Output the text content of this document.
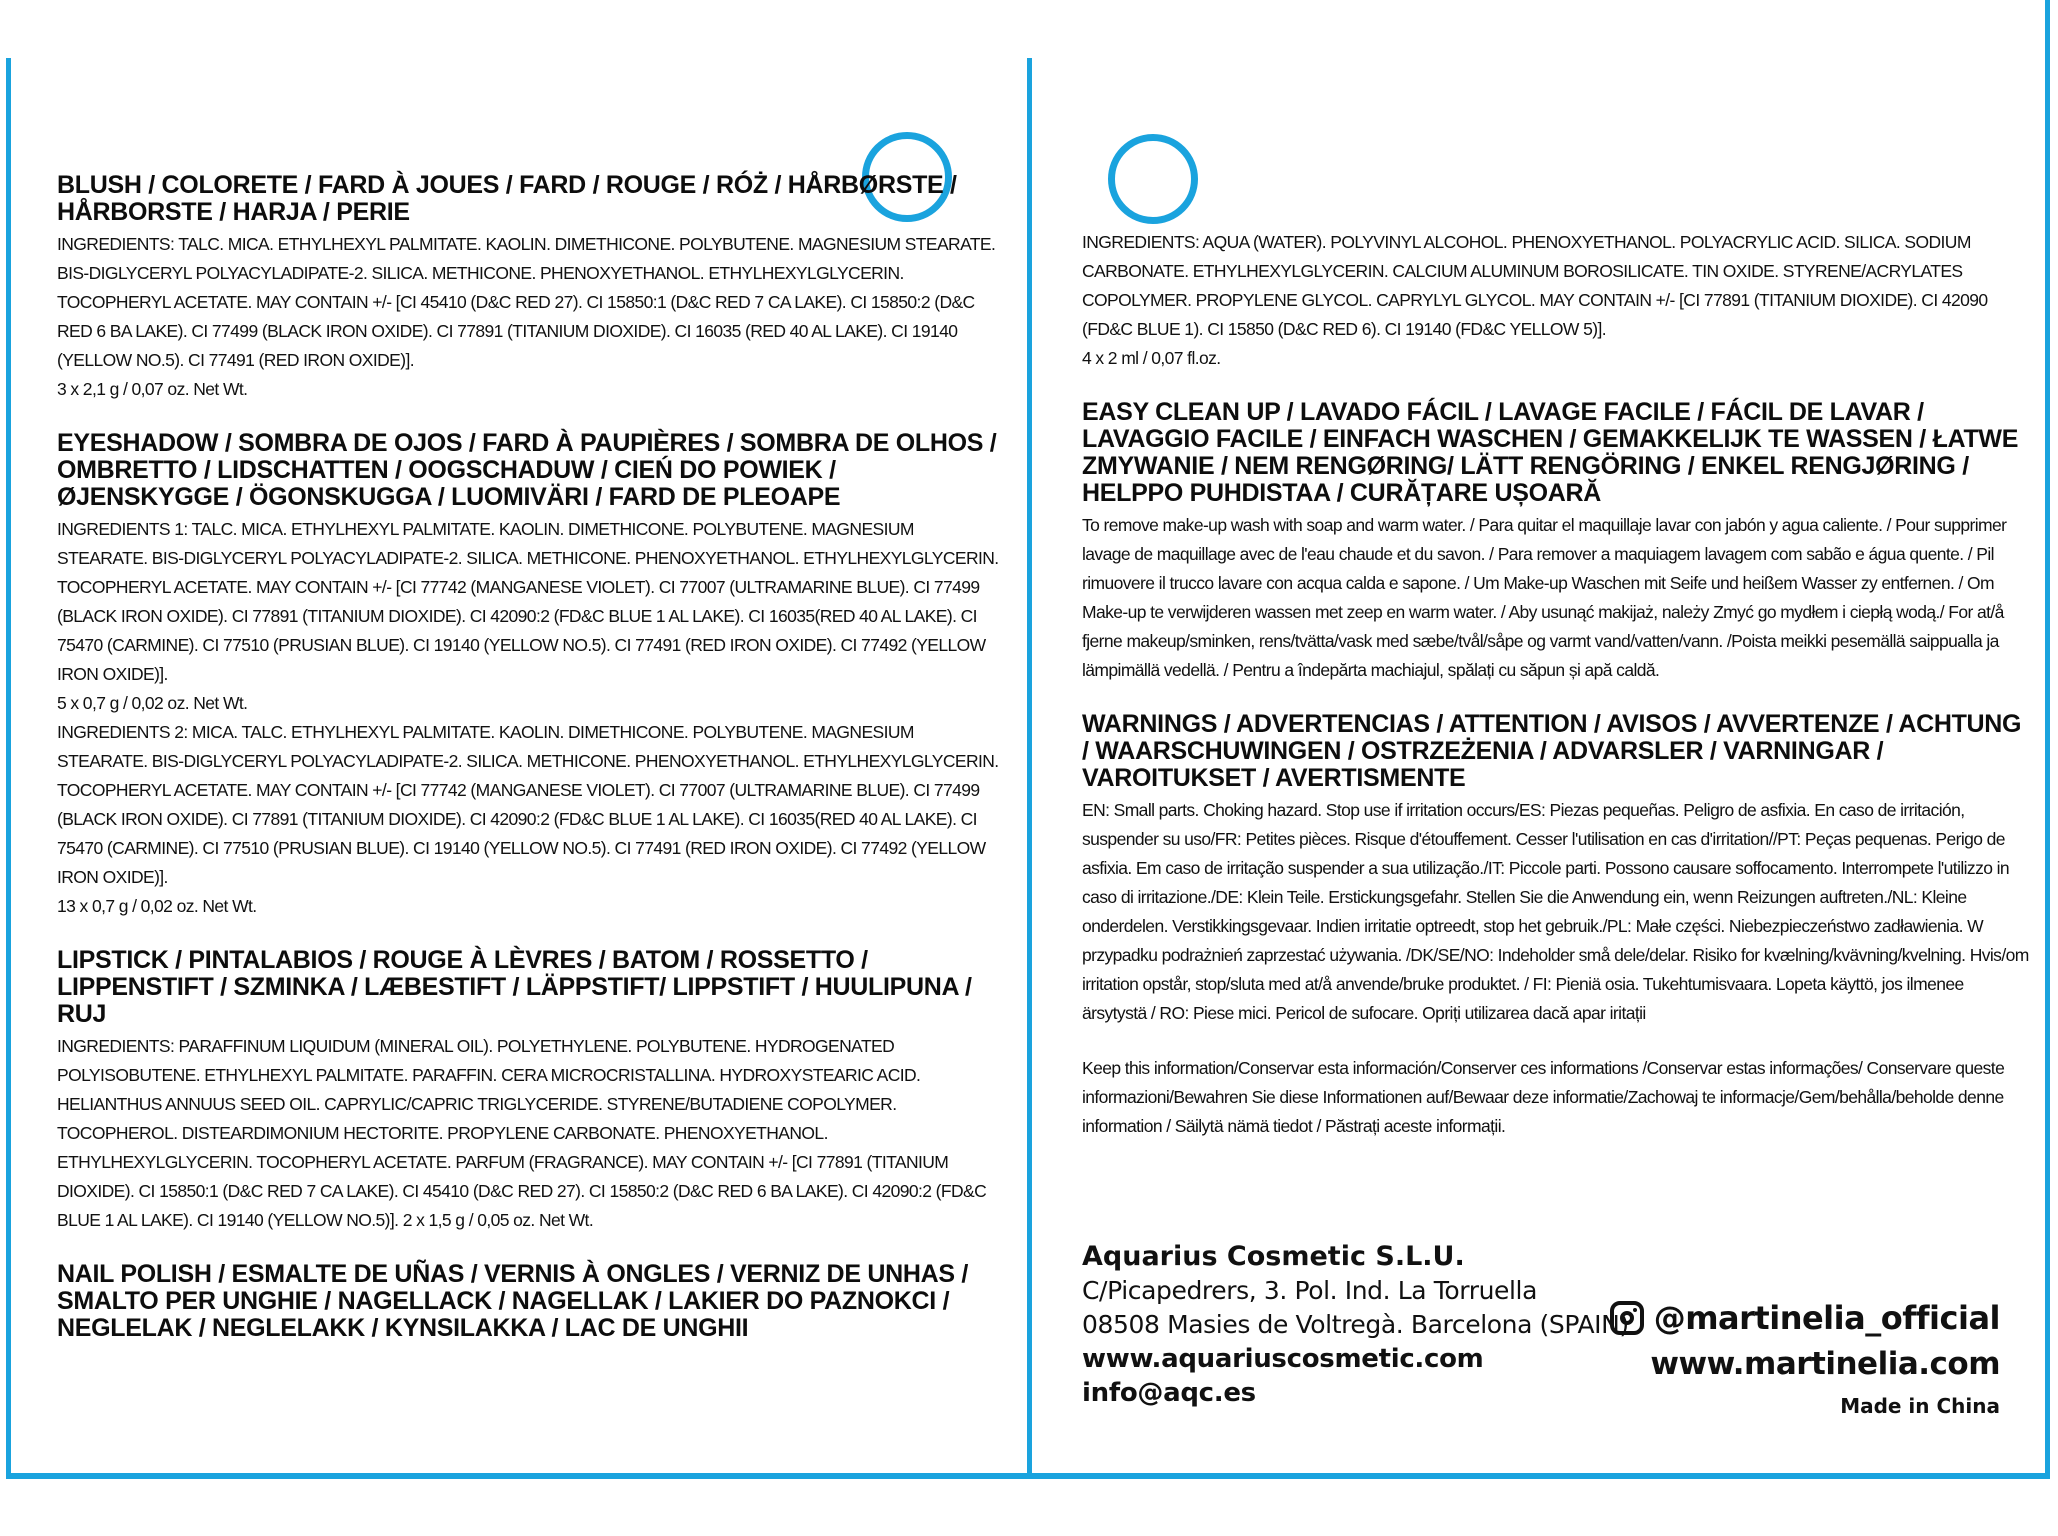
BLUSH / COLORETE / FARD À JOUES / FARD / ROUGE / RÓŻ / HÅRBØRSTE / HÅRBORSTE / HARJA / PERIE

INGREDIENTS: TALC. MICA. ETHYLHEXYL PALMITATE. KAOLIN. DIMETHICONE. POLYBUTENE. MAGNESIUM STEARATE. BIS-DIGLYCERYL POLYACYLADIPATE-2. SILICA. METHICONE. PHENOXYETHANOL. ETHYLHEXYLGLYCERIN. TOCOPHERYL ACETATE. MAY CONTAIN +/- [CI 45410 (D&C RED 27). CI 15850:1 (D&C RED 7 CA LAKE). CI 15850:2 (D&C RED 6 BA LAKE). CI 77499 (BLACK IRON OXIDE). CI 77891 (TITANIUM DIOXIDE). CI 16035 (RED 40 AL LAKE). CI 19140 (YELLOW NO.5). CI 77491 (RED IRON OXIDE)].

3 x 2,1 g / 0,07 oz. Net Wt.

EYESHADOW / SOMBRA DE OJOS / FARD À PAUPIÈRES / SOMBRA DE OLHOS / OMBRETTO / LIDSCHATTEN / OOGSCHADUW / CIEŃ DO POWIEK / ØJENSKYGGE / ÖGONSKUGGA / LUOMIVÄRI / FARD DE PLEOAPE

INGREDIENTS 1: TALC. MICA. ETHYLHEXYL PALMITATE. KAOLIN. DIMETHICONE. POLYBUTENE. MAGNESIUM STEARATE. BIS-DIGLYCERYL POLYACYLADIPATE-2. SILICA. METHICONE. PHENOXYETHANOL. ETHYLHEXYLGLYCERIN. TOCOPHERYL ACETATE. MAY CONTAIN +/- [CI 77742 (MANGANESE VIOLET). CI 77007 (ULTRAMARINE BLUE). CI 77499 (BLACK IRON OXIDE). CI 77891 (TITANIUM DIOXIDE). CI 42090:2 (FD&C BLUE 1 AL LAKE). CI 16035(RED 40 AL LAKE). CI 75470 (CARMINE). CI 77510 (PRUSIAN BLUE). CI 19140 (YELLOW NO.5). CI 77491 (RED IRON OXIDE). CI 77492 (YELLOW IRON OXIDE)].

5 x 0,7 g / 0,02 oz. Net Wt.

INGREDIENTS 2: MICA. TALC. ETHYLHEXYL PALMITATE. KAOLIN. DIMETHICONE. POLYBUTENE. MAGNESIUM STEARATE. BIS-DIGLYCERYL POLYACYLADIPATE-2. SILICA. METHICONE. PHENOXYETHANOL. ETHYLHEXYLGLYCERIN. TOCOPHERYL ACETATE. MAY CONTAIN +/- [CI 77742 (MANGANESE VIOLET). CI 77007 (ULTRAMARINE BLUE). CI 77499 (BLACK IRON OXIDE). CI 77891 (TITANIUM DIOXIDE). CI 42090:2 (FD&C BLUE 1 AL LAKE). CI 16035(RED 40 AL LAKE). CI 75470 (CARMINE). CI 77510 (PRUSIAN BLUE). CI 19140 (YELLOW NO.5). CI 77491 (RED IRON OXIDE). CI 77492 (YELLOW IRON OXIDE)].

13 x 0,7 g / 0,02 oz. Net Wt.

LIPSTICK / PINTALABIOS / ROUGE À LÈVRES / BATOM / ROSSETTO / LIPPENSTIFT / SZMINKA / LÆBESTIFT / LÄPPSTIFT/ LIPPSTIFT / HUULIPUNA / RUJ

INGREDIENTS: PARAFFINUM LIQUIDUM (MINERAL OIL). POLYETHYLENE. POLYBUTENE. HYDROGENATED POLYISOBUTENE. ETHYLHEXYL PALMITATE. PARAFFIN. CERA MICROCRISTALLINA. HYDROXYSTEARIC ACID. HELIANTHUS ANNUUS SEED OIL. CAPRYLIC/CAPRIC TRIGLYCERIDE. STYRENE/BUTADIENE COPOLYMER. TOCOPHEROL. DISTEARDIMONIUM HECTORITE. PROPYLENE CARBONATE. PHENOXYETHANOL. ETHYLHEXYLGLYCERIN. TOCOPHERYL ACETATE. PARFUM (FRAGRANCE). MAY CONTAIN +/- [CI 77891 (TITANIUM DIOXIDE). CI 15850:1 (D&C RED 7 CA LAKE). CI 45410 (D&C RED 27). CI 15850:2 (D&C RED 6 BA LAKE). CI 42090:2 (FD&C BLUE 1 AL LAKE). CI 19140 (YELLOW NO.5)]. 2 x 1,5 g / 0,05 oz. Net Wt.

NAIL POLISH / ESMALTE DE UÑAS / VERNIS À ONGLES / VERNIZ DE UNHAS / SMALTO PER UNGHIE / NAGELLACK / NAGELLAK / LAKIER DO PAZNOKCI / NEGLELAK / NEGLELAKK / KYNSILAKKA / LAC DE UNGHII

INGREDIENTS: AQUA (WATER). POLYVINYL ALCOHOL. PHENOXYETHANOL. POLYACRYLIC ACID. SILICA. SODIUM CARBONATE. ETHYLHEXYLGLYCERIN. CALCIUM ALUMINUM BOROSILICATE. TIN OXIDE. STYRENE/ACRYLATES COPOLYMER. PROPYLENE GLYCOL. CAPRYLYL GLYCOL. MAY CONTAIN +/- [CI 77891 (TITANIUM DIOXIDE). CI 42090 (FD&C BLUE 1). CI 15850 (D&C RED 6). CI 19140 (FD&C YELLOW 5)].

4 x 2 ml / 0,07 fl.oz.

EASY CLEAN UP / LAVADO FÁCIL / LAVAGE FACILE / FÁCIL DE LAVAR / LAVAGGIO FACILE / EINFACH WASCHEN / GEMAKKELIJK TE WASSEN / ŁATWE ZMYWANIE / NEM RENGØRING/ LÄTT RENGÖRING / ENKEL RENGJØRING / HELPPO PUHDISTAA / CURĂȚARE UȘOARĂ

To remove make-up wash with soap and warm water. / Para quitar el maquillaje lavar con jabón y agua caliente. / Pour supprimer lavage de maquillage avec de l'eau chaude et du savon. / Para remover a maquiagem lavagem com sabão e água quente. / Pil rimuovere il trucco lavare con acqua calda e sapone. / Um Make-up Waschen mit Seife und heißem Wasser zy entfernen. / Om Make-up te verwijderen wassen met zeep en warm water. / Aby usunąć makijaż, należy Zmyć go mydłem i ciepłą wodą./ For at/å fjerne makeup/sminken, rens/tvätta/vask med sæbe/tvål/såpe og varmt vand/vatten/vann. /Poista meikki pesemällä saippualla ja lämpimällä vedellä. / Pentru a îndepărta machiajul, spălați cu săpun și apă caldă.

WARNINGS / ADVERTENCIAS / ATTENTION / AVISOS / AVVERTENZE / ACHTUNG / WAARSCHUWINGEN / OSTRZEŻENIA / ADVARSLER / VARNINGAR / VAROITUKSET / AVERTISMENTE

EN: Small parts. Choking hazard. Stop use if irritation occurs/ES: Piezas pequeñas. Peligro de asfixia. En caso de irritación, suspender su uso/FR: Petites pièces. Risque d'étouffement. Cesser l'utilisation en cas d'irritation//PT: Peças pequenas. Perigo de asfixia. Em caso de irritação suspender a sua utilização./IT: Piccole parti. Possono causare soffocamento. Interrompete l'utilizzo in caso di irritazione./DE: Klein Teile. Erstickungsgefahr. Stellen Sie die Anwendung ein, wenn Reizungen auftreten./NL: Kleine onderdelen. Verstikkingsgevaar. Indien irritatie optreedt, stop het gebruik./PL: Małe części. Niebezpieczeństwo zadławienia. W przypadku podrażnień zaprzestać używania. /DK/SE/NO: Indeholder små dele/delar. Risiko for kvælning/kvävning/kvelning. Hvis/om irritation opstår, stop/sluta med at/å anvende/bruke produktet. / FI: Pieniä osia. Tukehtumisvaara. Lopeta käyttö, jos ilmenee ärsytystä / RO: Piese mici. Pericol de sufocare. Opriți utilizarea dacă apar iritații

Keep this information/Conservar esta información/Conserver ces informations /Conservar estas informações/ Conservare queste informazioni/Bewahren Sie diese Informationen auf/Bewaar deze informatie/Zachowaj te informacje/Gem/behålla/beholde denne information / Säilytä nämä tiedot / Păstrați aceste informații.

Aquarius Cosmetic S.L.U.
C/Picapedrers, 3. Pol. Ind. La Torruella
08508 Masies de Voltregà. Barcelona (SPAIN)
www.aquariuscosmetic.com
info@aqc.es
@martinelia_official
www.martinelia.com
Made in China
